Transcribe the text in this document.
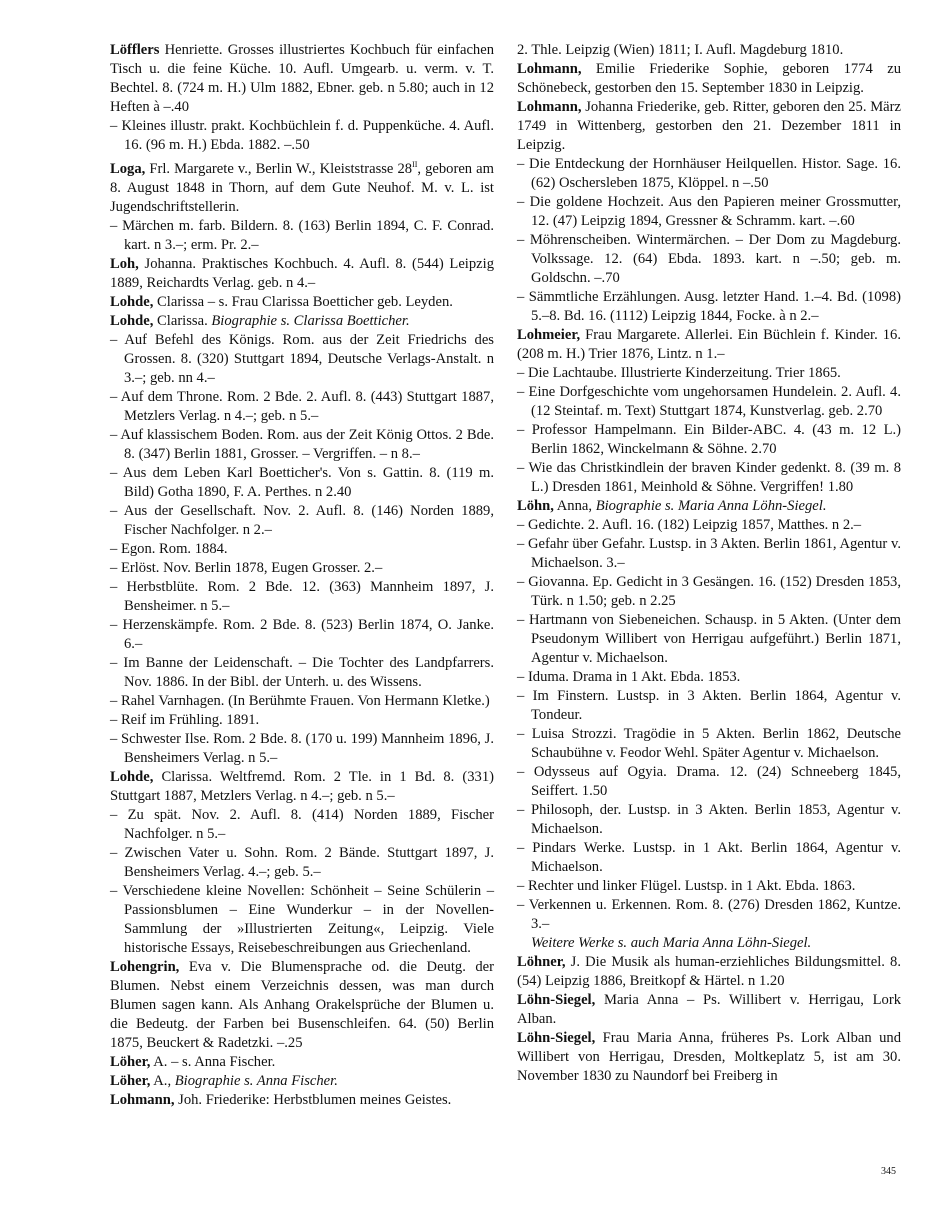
Löfflers Henriette. Grosses illustriertes Kochbuch für einfachen Tisch u. die feine Küche. 10. Aufl. Umgearb. u. verm. v. T. Bechtel. 8. (724 m. H.) Ulm 1882, Ebner. geb. n 5.80; auch in 12 Heften à –.40

– Kleines illustr. prakt. Kochbüchlein f. d. Puppenküche. 4. Aufl. 16. (96 m. H.) Ebda. 1882. –.50

Loga, Frl. Margarete v., Berlin W., Kleiststrasse $28^{II}$, geboren am 8. August 1848 in Thorn, auf dem Gute Neuhof. M. v. L. ist Jugendschriftstellerin.

– Märchen m. farb. Bildern. 8. (163) Berlin 1894, C. F. Conrad. kart. n 3.–; erm. Pr. 2.–

Loh, Johanna. Praktisches Kochbuch. 4. Aufl. 8. (544) Leipzig 1889, Reichardts Verlag. geb. n 4.–

Lohde, Clarissa – s. Frau Clarissa Boetticher geb. Leyden.

Lohde, Clarissa. Biographie s. Clarissa Boetticher.

– Auf Befehl des Königs. Rom. aus der Zeit Friedrichs des Grossen. 8. (320) Stuttgart 1894, Deutsche Verlags-Anstalt. n 3.–; geb. nn 4.–

– Auf dem Throne. Rom. 2 Bde. 2. Aufl. 8. (443) Stuttgart 1887, Metzlers Verlag. n 4.–; geb. n 5.–

– Auf klassischem Boden. Rom. aus der Zeit König Ottos. 2 Bde. 8. (347) Berlin 1881, Grosser. – Vergriffen. – n 8.–

– Aus dem Leben Karl Boetticher's. Von s. Gattin. 8. (119 m. Bild) Gotha 1890, F. A. Perthes. n 2.40

– Aus der Gesellschaft. Nov. 2. Aufl. 8. (146) Norden 1889, Fischer Nachfolger. n 2.–

– Egon. Rom. 1884.

– Erlöst. Nov. Berlin 1878, Eugen Grosser. 2.–

– Herbstblüte. Rom. 2 Bde. 12. (363) Mannheim 1897, J. Bensheimer. n 5.–

– Herzenskämpfe. Rom. 2 Bde. 8. (523) Berlin 1874, O. Janke. 6.–

– Im Banne der Leidenschaft. – Die Tochter des Landpfarrers. Nov. 1886. In der Bibl. der Unterh. u. des Wissens.

– Rahel Varnhagen. (In Berühmte Frauen. Von Hermann Kletke.)

– Reif im Frühling. 1891.

– Schwester Ilse. Rom. 2 Bde. 8. (170 u. 199) Mannheim 1896, J. Bensheimers Verlag. n 5.–

Lohde, Clarissa. Weltfremd. Rom. 2 Tle. in 1 Bd. 8. (331) Stuttgart 1887, Metzlers Verlag. n 4.–; geb. n 5.–

– Zu spät. Nov. 2. Aufl. 8. (414) Norden 1889, Fischer Nachfolger. n 5.–

– Zwischen Vater u. Sohn. Rom. 2 Bände. Stuttgart 1897, J. Bensheimers Verlag. 4.–; geb. 5.–

– Verschiedene kleine Novellen: Schönheit – Seine Schülerin – Passionsblumen – Eine Wunderkur – in der Novellen-Sammlung der »Illustrierten Zeitung«, Leipzig. Viele historische Essays, Reisebeschreibungen aus Griechenland.

Lohengrin, Eva v. Die Blumensprache od. die Deutg. der Blumen. Nebst einem Verzeichnis dessen, was man durch Blumen sagen kann. Als Anhang Orakelsprüche der Blumen u. die Bedeutg. der Farben bei Busenschleifen. 64. (50) Berlin 1875, Beuckert & Radetzki. –.25

Löher, A. – s. Anna Fischer.

Löher, A., Biographie s. Anna Fischer.

Lohmann, Joh. Friederike: Herbstblumen meines Geistes.

2. Thle. Leipzig (Wien) 1811; I. Aufl. Magdeburg 1810.

Lohmann, Emilie Friederike Sophie, geboren 1774 zu Schönebeck, gestorben den 15. September 1830 in Leipzig.

Lohmann, Johanna Friederike, geb. Ritter, geboren den 25. März 1749 in Wittenberg, gestorben den 21. Dezember 1811 in Leipzig.

– Die Entdeckung der Hornhäuser Heilquellen. Histor. Sage. 16. (62) Oschersleben 1875, Klöppel. n –.50

– Die goldene Hochzeit. Aus den Papieren meiner Grossmutter, 12. (47) Leipzig 1894, Gressner & Schramm. kart. –.60

– Möhrenscheiben. Wintermärchen. – Der Dom zu Magdeburg. Volkssage. 12. (64) Ebda. 1893. kart. n –.50; geb. m. Goldschn. –.70

– Sämmtliche Erzählungen. Ausg. letzter Hand. 1.–4. Bd. (1098) 5.–8. Bd. 16. (1112) Leipzig 1844, Focke. à n 2.–

Lohmeier, Frau Margarete. Allerlei. Ein Büchlein f. Kinder. 16. (208 m. H.) Trier 1876, Lintz. n 1.–

– Die Lachtaube. Illustrierte Kinderzeitung. Trier 1865.

– Eine Dorfgeschichte vom ungehorsamen Hundelein. 2. Aufl. 4. (12 Steintaf. m. Text) Stuttgart 1874, Kunstverlag. geb. 2.70

– Professor Hampelmann. Ein Bilder-ABC. 4. (43 m. 12 L.) Berlin 1862, Winckelmann & Söhne. 2.70

– Wie das Christkindlein der braven Kinder gedenkt. 8. (39 m. 8 L.) Dresden 1861, Meinhold & Söhne. Vergriffen! 1.80

Löhn, Anna, Biographie s. Maria Anna Löhn-Siegel.

– Gedichte. 2. Aufl. 16. (182) Leipzig 1857, Matthes. n 2.–

– Gefahr über Gefahr. Lustsp. in 3 Akten. Berlin 1861, Agentur v. Michaelson. 3.–

– Giovanna. Ep. Gedicht in 3 Gesängen. 16. (152) Dresden 1853, Türk. n 1.50; geb. n 2.25

– Hartmann von Siebeneichen. Schausp. in 5 Akten. (Unter dem Pseudonym Willibert von Herrigau aufgeführt.) Berlin 1871, Agentur v. Michaelson.

– Iduma. Drama in 1 Akt. Ebda. 1853.

– Im Finstern. Lustsp. in 3 Akten. Berlin 1864, Agentur v. Tondeur.

– Luisa Strozzi. Tragödie in 5 Akten. Berlin 1862, Deutsche Schaubühne v. Feodor Wehl. Später Agentur v. Michaelson.

– Odysseus auf Ogyia. Drama. 12. (24) Schneeberg 1845, Seiffert. 1.50

– Philosoph, der. Lustsp. in 3 Akten. Berlin 1853, Agentur v. Michaelson.

– Pindars Werke. Lustsp. in 1 Akt. Berlin 1864, Agentur v. Michaelson.

– Rechter und linker Flügel. Lustsp. in 1 Akt. Ebda. 1863.

– Verkennen u. Erkennen. Rom. 8. (276) Dresden 1862, Kuntze. 3.–

Weitere Werke s. auch Maria Anna Löhn-Siegel.

Löhner, J. Die Musik als human-erziehliches Bildungsmittel. 8. (54) Leipzig 1886, Breitkopf & Härtel. n 1.20

Löhn-Siegel, Maria Anna – Ps. Willibert v. Herrigau, Lork Alban.

Löhn-Siegel, Frau Maria Anna, früheres Ps. Lork Alban und Willibert von Herrigau, Dresden, Moltkeplatz 5, ist am 30. November 1830 zu Naundorf bei Freiberg in

345
